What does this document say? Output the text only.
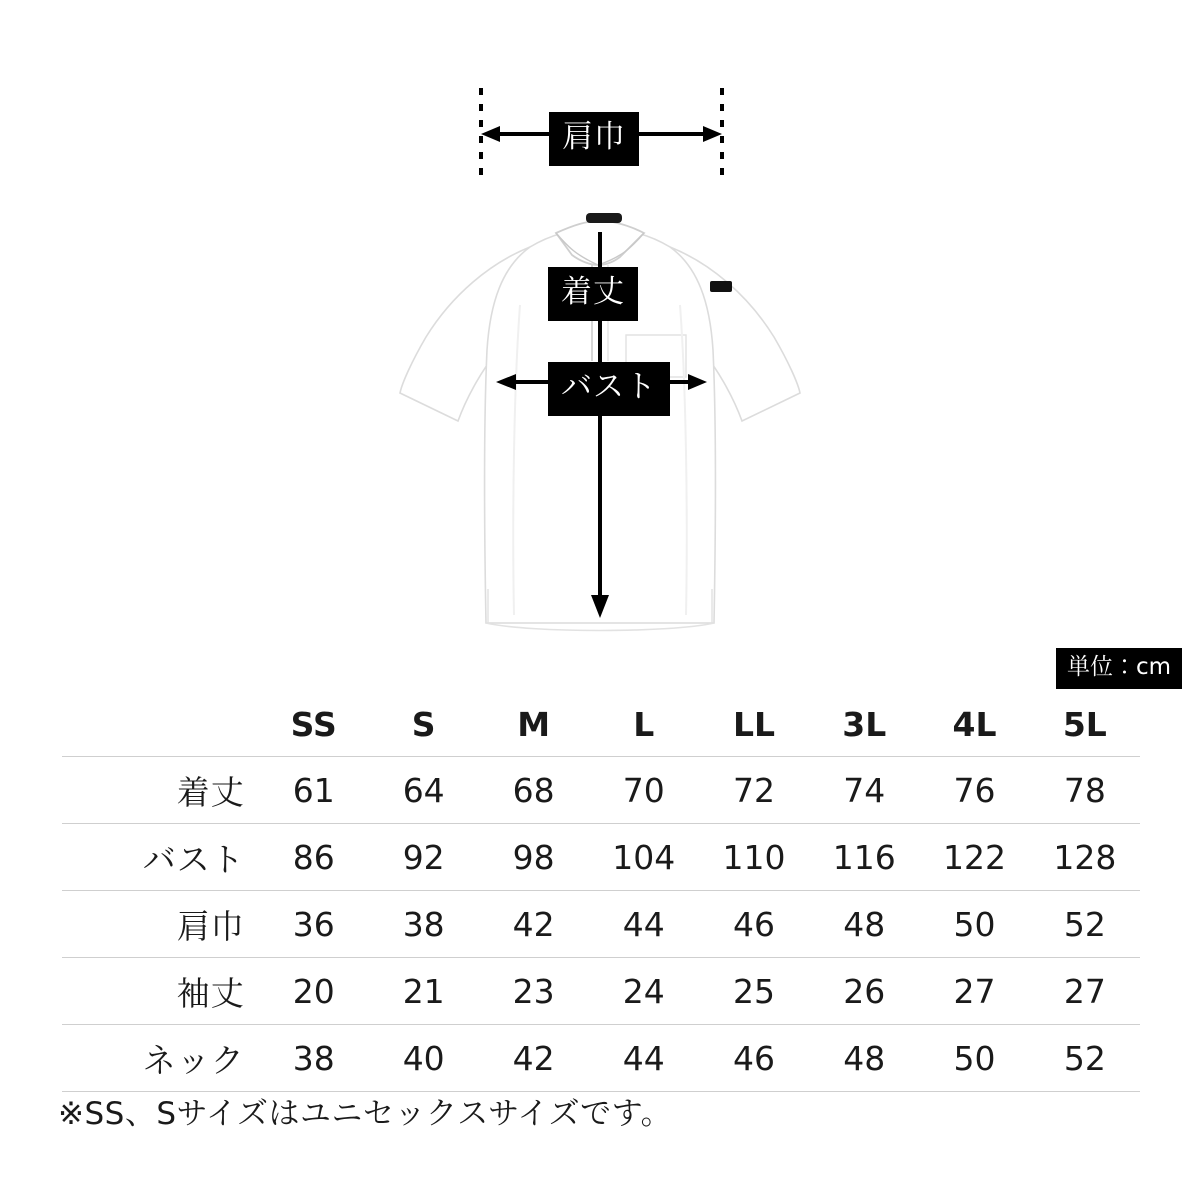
肩巾
着丈
バスト
単位：cm
	SS	S	M	L	LL	3L	4L	5L
着丈	61	64	68	70	72	74	76	78
バスト	86	92	98	104	110	116	122	128
肩巾	36	38	42	44	46	48	50	52
袖丈	20	21	23	24	25	26	27	27
ネック	38	40	42	44	46	48	50	52
※SS、Sサイズはユニセックスサイズです。
